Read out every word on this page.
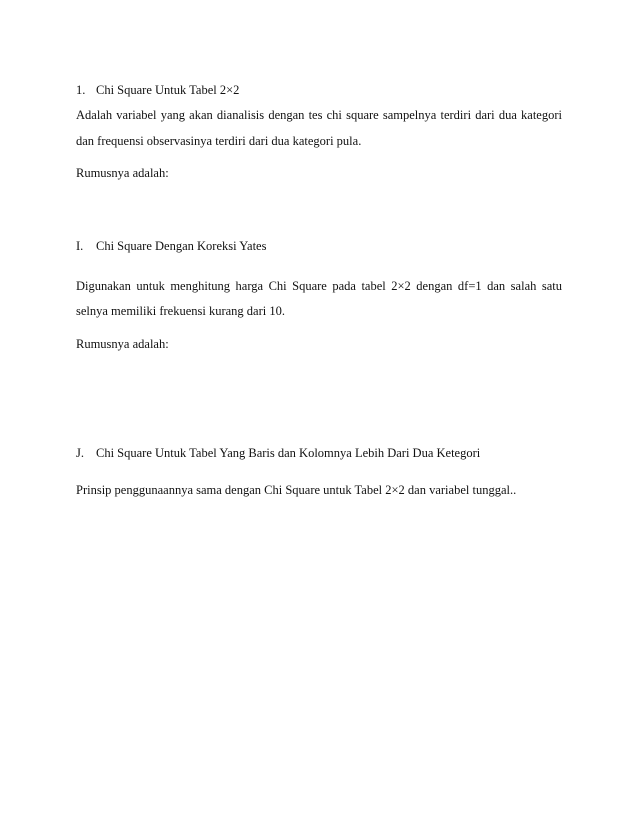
1. Chi Square Untuk Tabel 2×2
Adalah variabel yang akan dianalisis dengan tes chi square sampelnya terdiri dari dua kategori
dan frequensi observasinya terdiri dari dua kategori pula.
Rumusnya adalah:
I. Chi Square Dengan Koreksi Yates
Digunakan untuk menghitung harga Chi Square pada tabel 2×2 dengan df=1 dan salah satu
selnya memiliki frekuensi kurang dari 10.
Rumusnya adalah:
J. Chi Square Untuk Tabel Yang Baris dan Kolomnya Lebih Dari Dua Ketegori
Prinsip penggunaannya sama dengan Chi Square untuk Tabel 2×2 dan variabel tunggal..
